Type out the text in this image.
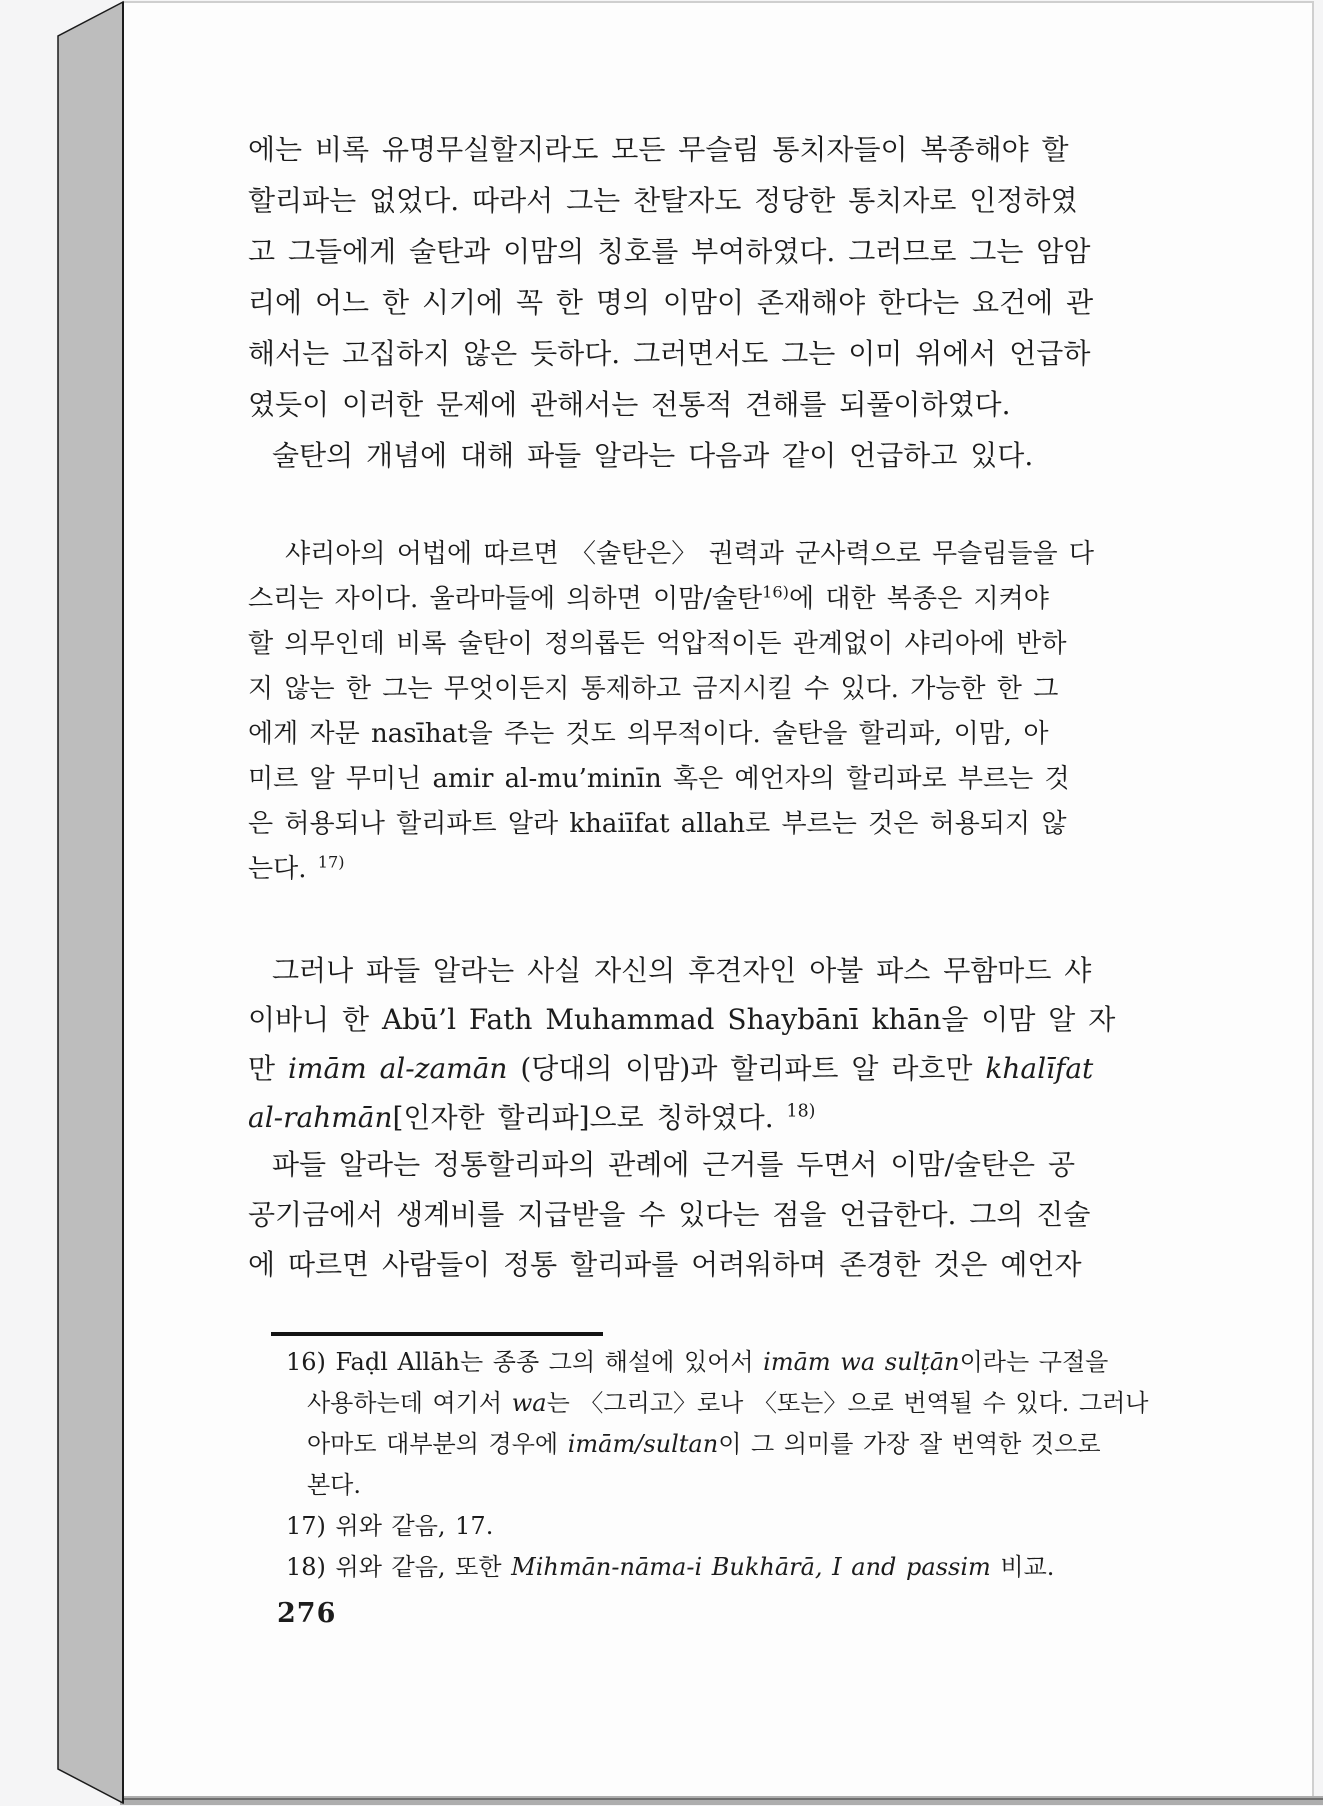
에는 비록 유명무실할지라도 모든 무슬림 통치자들이 복종해야 할
할리파는 없었다. 따라서 그는 찬탈자도 정당한 통치자로 인정하였
고 그들에게 술탄과 이맘의 칭호를 부여하였다. 그러므로 그는 암암
리에 어느 한 시기에 꼭 한 명의 이맘이 존재해야 한다는 요건에 관
해서는 고집하지 않은 듯하다. 그러면서도 그는 이미 위에서 언급하
였듯이 이러한 문제에 관해서는 전통적 견해를 되풀이하였다.
술탄의 개념에 대해 파들 알라는 다음과 같이 언급하고 있다.
샤리아의 어법에 따르면 〈술탄은〉 권력과 군사력으로 무슬림들을 다
스리는 자이다. 울라마들에 의하면 이맘/술탄$^{16)}$에 대한 복종은 지켜야
할 의무인데 비록 술탄이 정의롭든 억압적이든 관계없이 샤리아에 반하
지 않는 한 그는 무엇이든지 통제하고 금지시킬 수 있다. 가능한 한 그
에게 자문 nasīhat을 주는 것도 의무적이다. 술탄을 할리파, 이맘, 아
미르 알 무미닌 amir al-mu’minīn 혹은 예언자의 할리파로 부르는 것
은 허용되나 할리파트 알라 khaiīfat allah로 부르는 것은 허용되지 않
는다. $^{17)}$
그러나 파들 알라는 사실 자신의 후견자인 아불 파스 무함마드 샤
이바니 한 Abū’l Fath Muhammad Shaybānī khān을 이맘 알 자
만 imām al-zamān (당대의 이맘)과 할리파트 알 라흐만 khalīfat
al-rahmān[인자한 할리파]으로 칭하였다. $^{18)}$
파들 알라는 정통할리파의 관례에 근거를 두면서 이맘/술탄은 공
공기금에서 생계비를 지급받을 수 있다는 점을 언급한다. 그의 진술
에 따르면 사람들이 정통 할리파를 어려워하며 존경한 것은 예언자
16) Faḍl Allāh는 종종 그의 해설에 있어서 imām wa sulṭān이라는 구절을
사용하는데 여기서 wa는 〈그리고〉로나 〈또는〉으로 번역될 수 있다. 그러나
아마도 대부분의 경우에 imām/sultan이 그 의미를 가장 잘 번역한 것으로
본다.
17) 위와 같음, 17.
18) 위와 같음, 또한 Mihmān-nāma-i Bukhārā, I and passim 비교.
276
